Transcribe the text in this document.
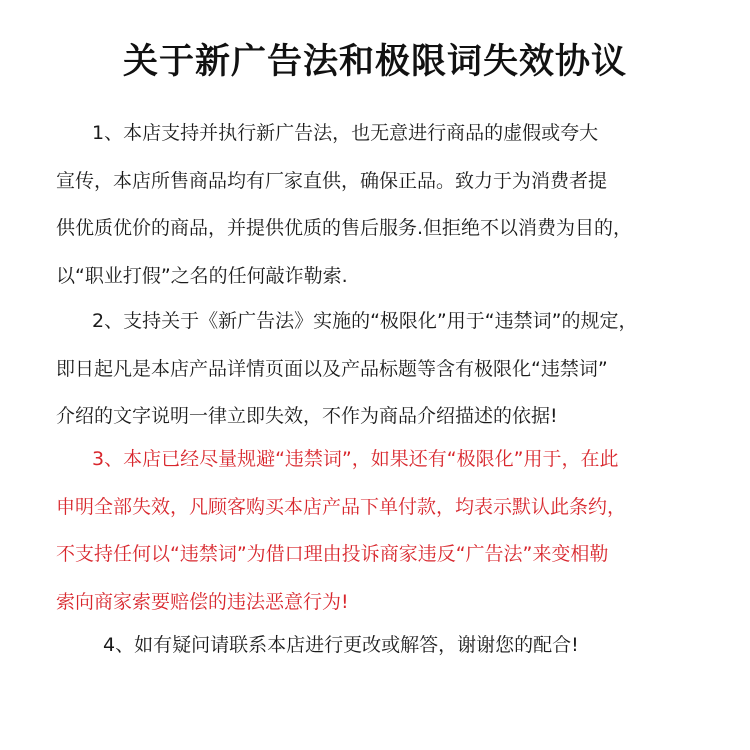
关于新广告法和极限词失效协议
1、本店支持并执行新广告法，也无意进行商品的虚假或夸大
宣传，本店所售商品均有厂家直供，确保正品。致力于为消费者提
供优质优价的商品，并提供优质的售后服务.但拒绝不以消费为目的，
以“职业打假”之名的任何敲诈勒索.
2、支持关于《新广告法》实施的“极限化”用于“违禁词”的规定，
即日起凡是本店产品详情页面以及产品标题等含有极限化“违禁词”
介绍的文字说明一律立即失效，不作为商品介绍描述的依据!
3、本店已经尽量规避“违禁词”，如果还有“极限化”用于，在此
申明全部失效，凡顾客购买本店产品下单付款，均表示默认此条约，
不支持任何以“违禁词”为借口理由投诉商家违反“广告法”来变相勒
索向商家索要赔偿的违法恶意行为!
4、如有疑问请联系本店进行更改或解答，谢谢您的配合!
